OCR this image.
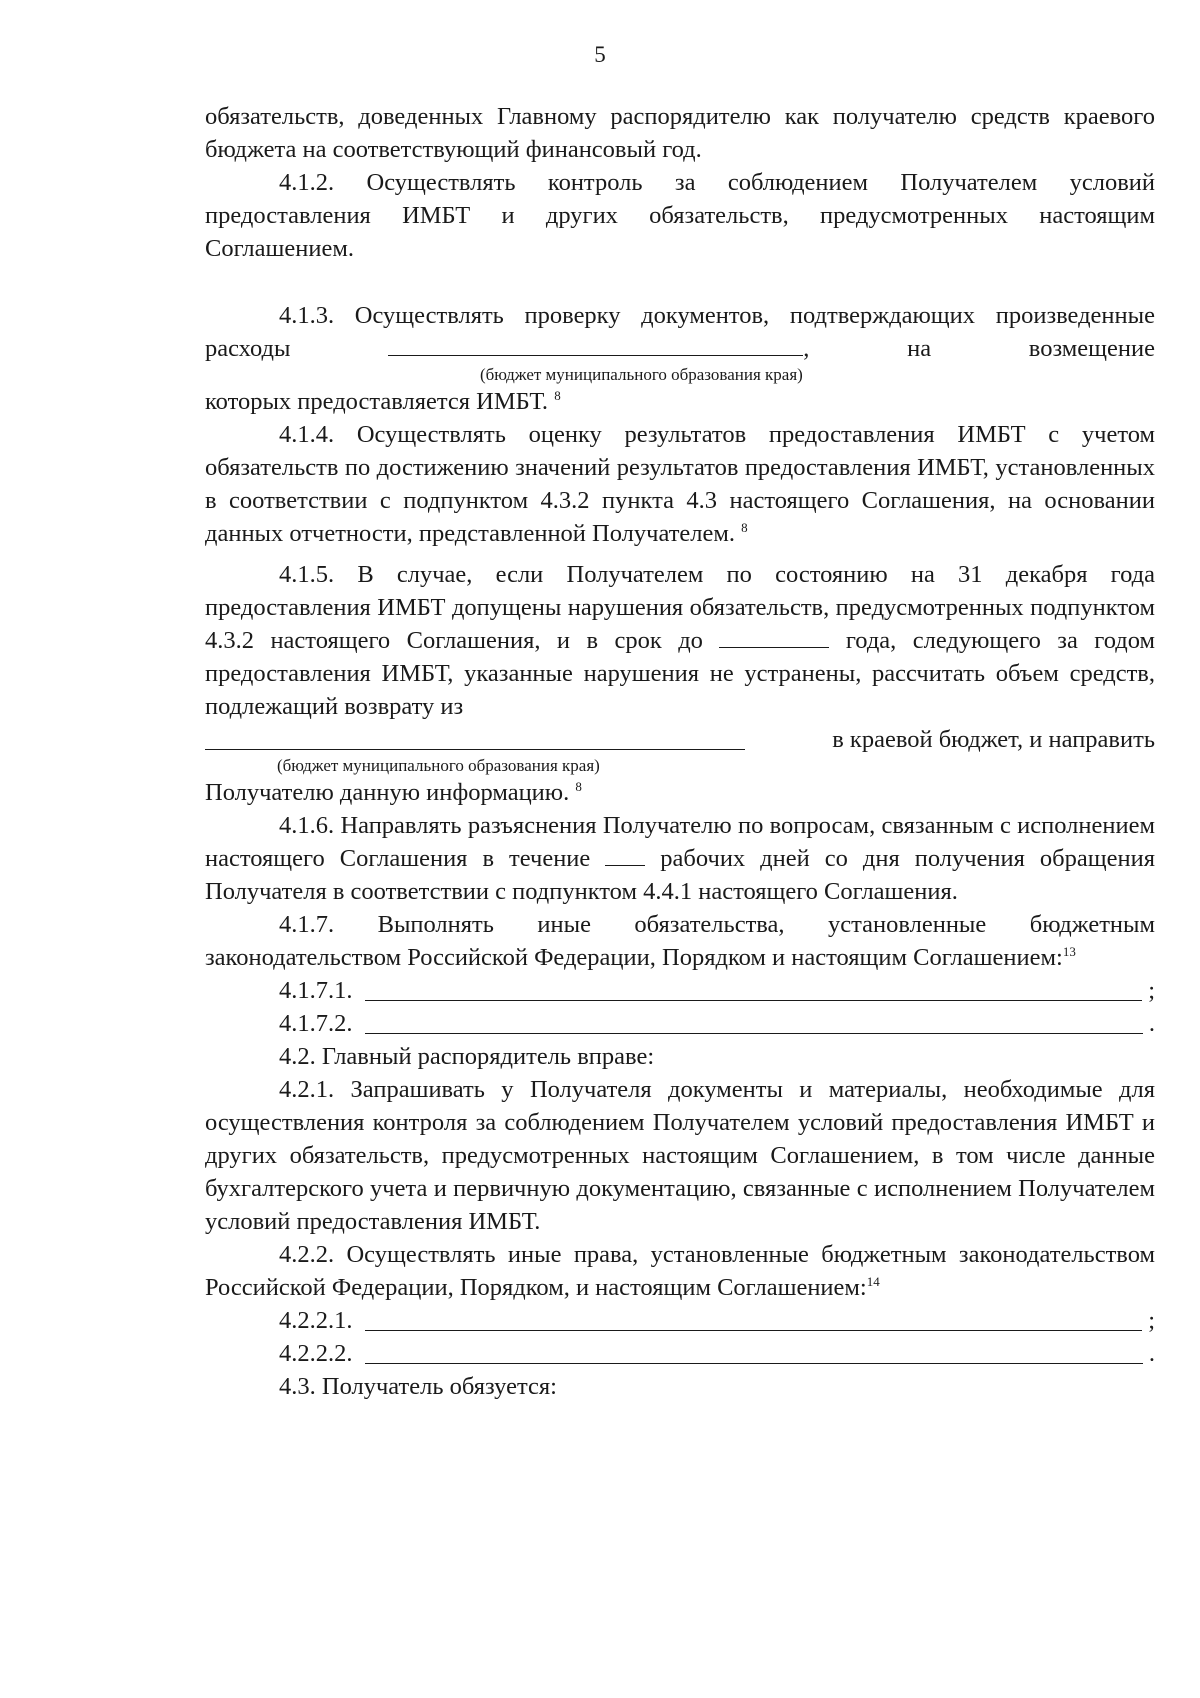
5

обязательств, доведенных Главному распорядителю как получателю средств краевого бюджета на соответствующий финансовый год.

4.1.2. Осуществлять контроль за соблюдением Получателем условий предоставления ИМБТ и других обязательств, предусмотренных настоящим Соглашением.

4.1.3. Осуществлять проверку документов, подтверждающих произведенные расходы	, на возмещение

(бюджет муниципального образования края)

которых предоставляется ИМБТ. $^8$

4.1.4. Осуществлять оценку результатов предоставления ИМБТ с учетом обязательств по достижению значений результатов предоставления ИМБТ, установленных в соответствии с подпунктом 4.3.2 пункта 4.3 настоящего Соглашения, на основании данных отчетности, представленной Получателем. $^8$

4.1.5. В случае, если Получателем по состоянию на 31 декабря года предоставления ИМБТ допущены нарушения обязательств, предусмотренных подпунктом 4.3.2 настоящего Соглашения, и в срок до	года, следующего за годом предоставления ИМБТ, указанные нарушения не устранены, рассчитать объем средств, подлежащий возврату из

в краевой бюджет, и направить
(бюджет муниципального образования края)

Получателю данную информацию. $^8$

4.1.6. Направлять разъяснения Получателю по вопросам, связанным с исполнением настоящего Соглашения в течение	рабочих дней со дня получения обращения Получателя в соответствии с подпунктом 4.4.1 настоящего Соглашения.

4.1.7. Выполнять иные обязательства, установленные бюджетным законодательством Российской Федерации, Порядком и настоящим Соглашением:$^{13}$

4.1.7.1.	;
4.1.7.2.	.

4.2. Главный распорядитель вправе:

4.2.1. Запрашивать у Получателя документы и материалы, необходимые для осуществления контроля за соблюдением Получателем условий предоставления ИМБТ и других обязательств, предусмотренных настоящим Соглашением, в том числе данные бухгалтерского учета и первичную документацию, связанные с исполнением Получателем условий предоставления ИМБТ.

4.2.2. Осуществлять иные права, установленные бюджетным законодательством Российской Федерации, Порядком, и настоящим Соглашением:$^{14}$

4.2.2.1.	;
4.2.2.2.	.

4.3. Получатель обязуется:
